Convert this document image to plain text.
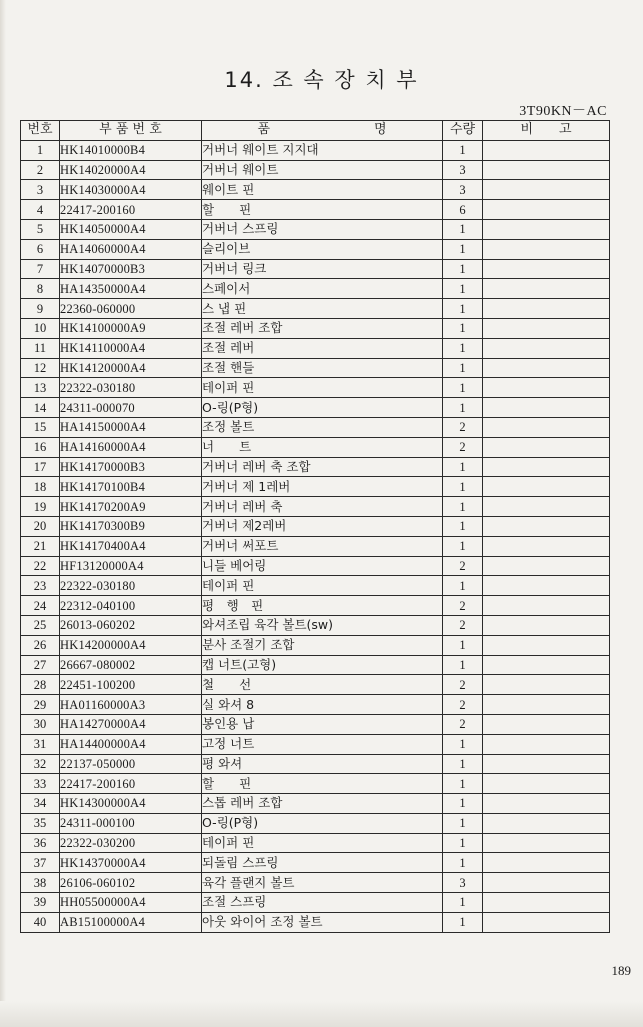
14. 조 속 장 치 부
3T90KN－AC
번호	부 품 번 호	품　　　　　　　　명	수량	비　　고
1	HK14010000B4	거버너 웨이트 지지대	1	
2	HK14020000A4	거버너 웨이트	3	
3	HK14030000A4	웨이트 핀	3	
4	22417-200160	할　　핀	6	
5	HK14050000A4	거버너 스프링	1	
6	HA14060000A4	슬리이브	1	
7	HK14070000B3	거버너 링크	1	
8	HA14350000A4	스페이서	1	
9	22360-060000	스 냅 핀	1	
10	HK14100000A9	조절 레버 조합	1	
11	HK14110000A4	조절 레버	1	
12	HK14120000A4	조절 핸들	1	
13	22322-030180	테이퍼 핀	1	
14	24311-000070	O-링(P형)	1	
15	HA14150000A4	조정 볼트	2	
16	HA14160000A4	너　　트	2	
17	HK14170000B3	거버너 레버 축 조합	1	
18	HK14170100B4	거버너 제 1레버	1	
19	HK14170200A9	거버너 레버 축	1	
20	HK14170300B9	거버너 제2레버	1	
21	HK14170400A4	거버너 써포트	1	
22	HF13120000A4	니들 베어링	2	
23	22322-030180	테이퍼 핀	1	
24	22312-040100	평　행　핀	2	
25	26013-060202	와셔조립 육각 볼트(sw)	2	
26	HK14200000A4	분사 조절기 조합	1	
27	26667-080002	캡 너트(고형)	1	
28	22451-100200	철　　선	2	
29	HA01160000A3	실 와셔 8	2	
30	HA14270000A4	봉인용 납	2	
31	HA14400000A4	고정 너트	1	
32	22137-050000	평 와셔	1	
33	22417-200160	할　　핀	1	
34	HK14300000A4	스톱 레버 조합	1	
35	24311-000100	O-링(P형)	1	
36	22322-030200	테이퍼 핀	1	
37	HK14370000A4	되돌림 스프링	1	
38	26106-060102	육각 플랜지 볼트	3	
39	HH05500000A4	조절 스프링	1	
40	AB15100000A4	아웃 와이어 조정 볼트	1	
189
